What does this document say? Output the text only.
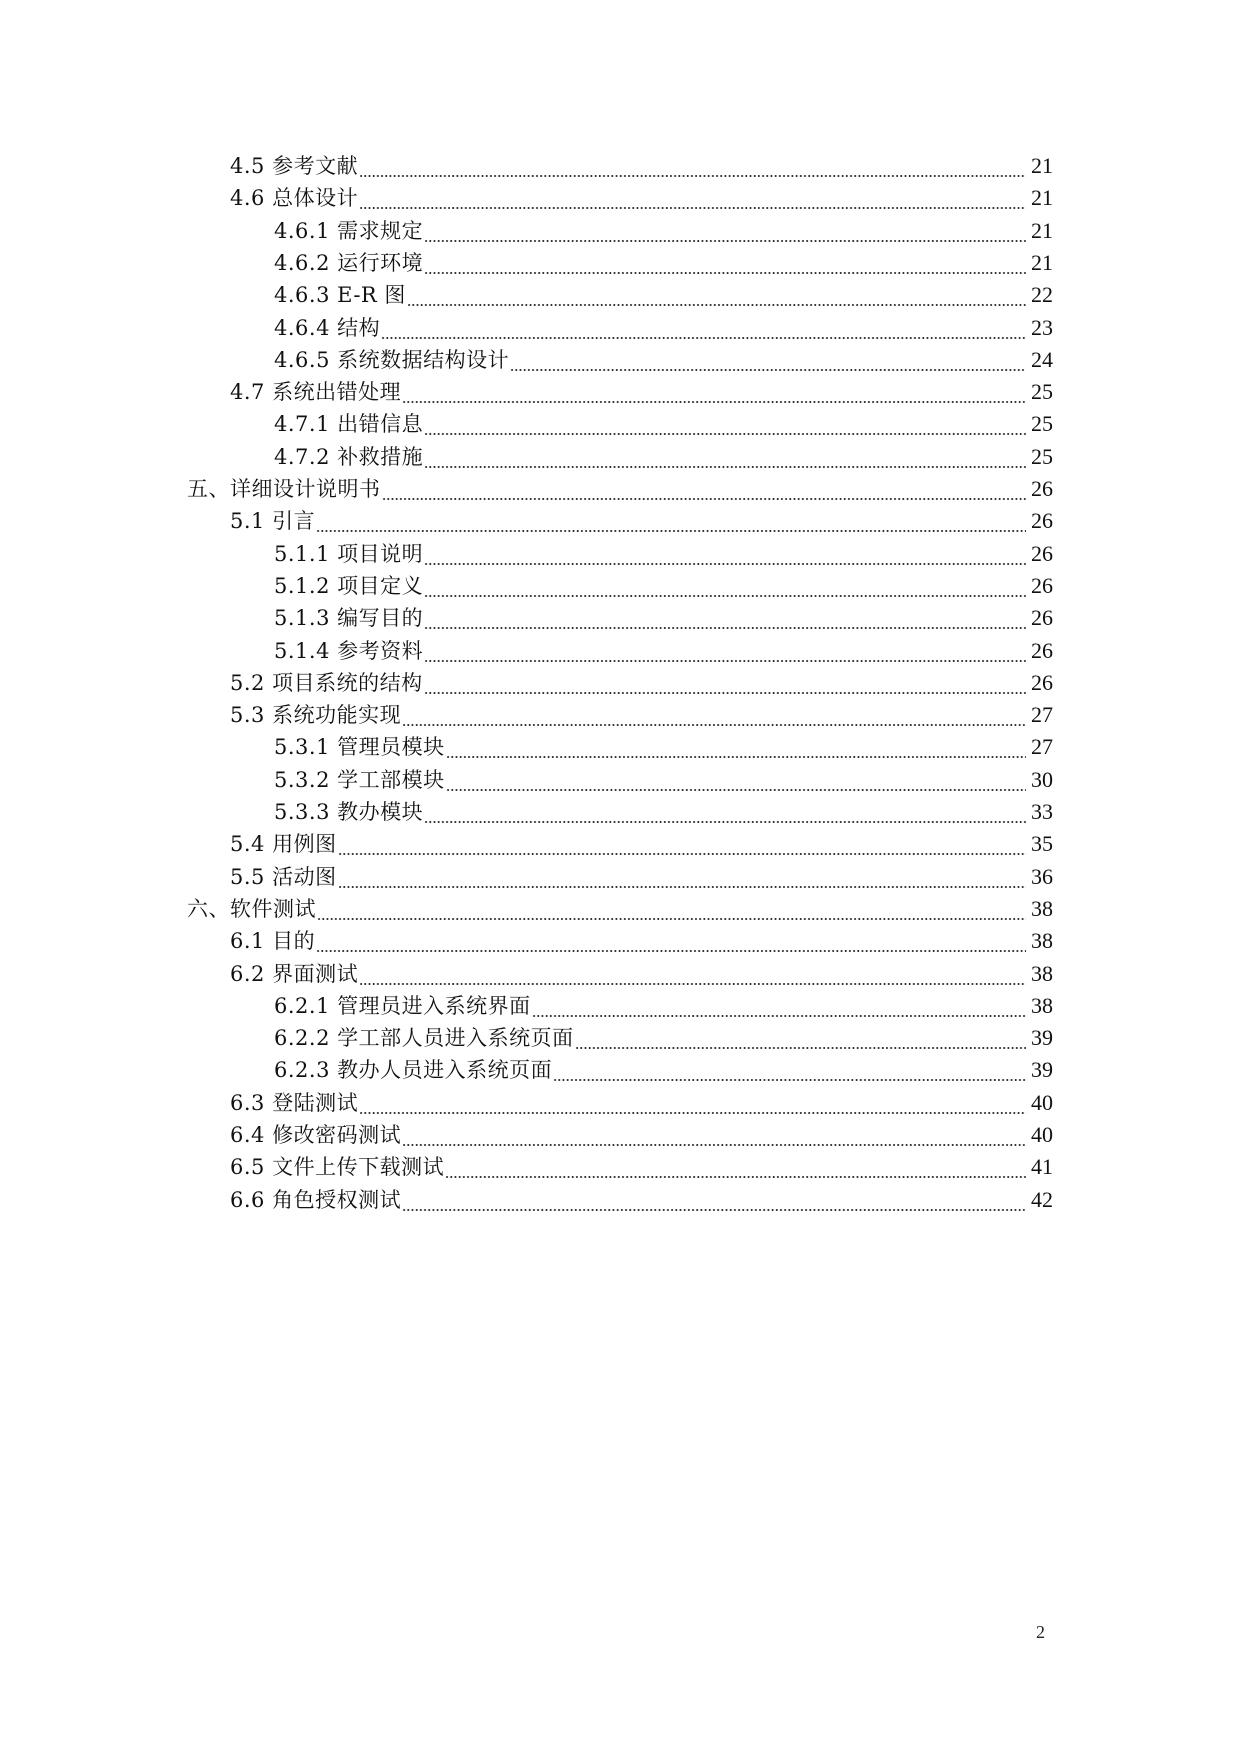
4.5 参考文献	21
4.6 总体设计	21
4.6.1 需求规定	21
4.6.2 运行环境	21
4.6.3 E-R 图	22
4.6.4 结构	23
4.6.5 系统数据结构设计	24
4.7 系统出错处理	25
4.7.1 出错信息	25
4.7.2 补救措施	25
五、详细设计说明书	26
5.1 引言	26
5.1.1 项目说明	26
5.1.2 项目定义	26
5.1.3 编写目的	26
5.1.4 参考资料	26
5.2 项目系统的结构	26
5.3 系统功能实现	27
5.3.1 管理员模块	27
5.3.2 学工部模块	30
5.3.3 教办模块	33
5.4 用例图	35
5.5 活动图	36
六、软件测试	38
6.1 目的	38
6.2 界面测试	38
6.2.1 管理员进入系统界面	38
6.2.2 学工部人员进入系统页面	39
6.2.3 教办人员进入系统页面	39
6.3 登陆测试	40
6.4 修改密码测试	40
6.5 文件上传下载测试	41
6.6 角色授权测试	42
2
